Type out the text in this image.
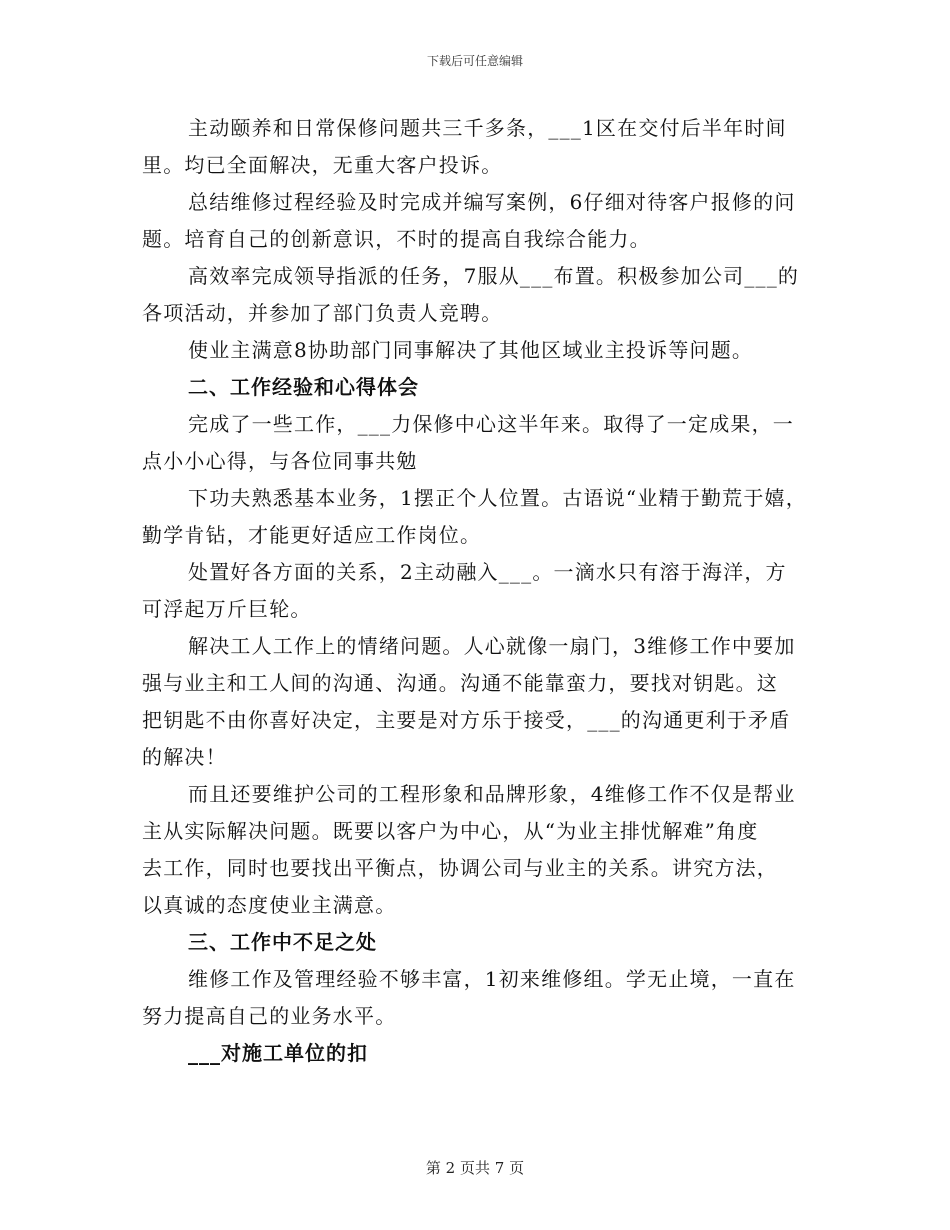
下载后可任意编辑
主动颐养和日常保修问题共三千多条，___1区在交付后半年时间
里。均已全面解决，无重大客户投诉。
总结维修过程经验及时完成并编写案例，6仔细对待客户报修的问
题。培育自己的创新意识，不时的提高自我综合能力。
高效率完成领导指派的任务，7服从___布置。积极参加公司___的
各项活动，并参加了部门负责人竞聘。
使业主满意8协助部门同事解决了其他区域业主投诉等问题。
二、工作经验和心得体会
完成了一些工作，___力保修中心这半年来。取得了一定成果，一
点小小心得，与各位同事共勉
下功夫熟悉基本业务，1摆正个人位置。古语说“业精于勤荒于嬉，
勤学肯钻，才能更好适应工作岗位。
处置好各方面的关系，2主动融入___。一滴水只有溶于海洋，方
可浮起万斤巨轮。
解决工人工作上的情绪问题。人心就像一扇门，3维修工作中要加
强与业主和工人间的沟通、沟通。沟通不能靠蛮力，要找对钥匙。这
把钥匙不由你喜好决定，主要是对方乐于接受，___的沟通更利于矛盾
的解决！
而且还要维护公司的工程形象和品牌形象，4维修工作不仅是帮业
主从实际解决问题。既要以客户为中心，从“为业主排忧解难”角度
去工作，同时也要找出平衡点，协调公司与业主的关系。讲究方法，
以真诚的态度使业主满意。
三、工作中不足之处
维修工作及管理经验不够丰富，1初来维修组。学无止境，一直在
努力提高自己的业务水平。
___对施工单位的扣
第 2 页共 7 页
